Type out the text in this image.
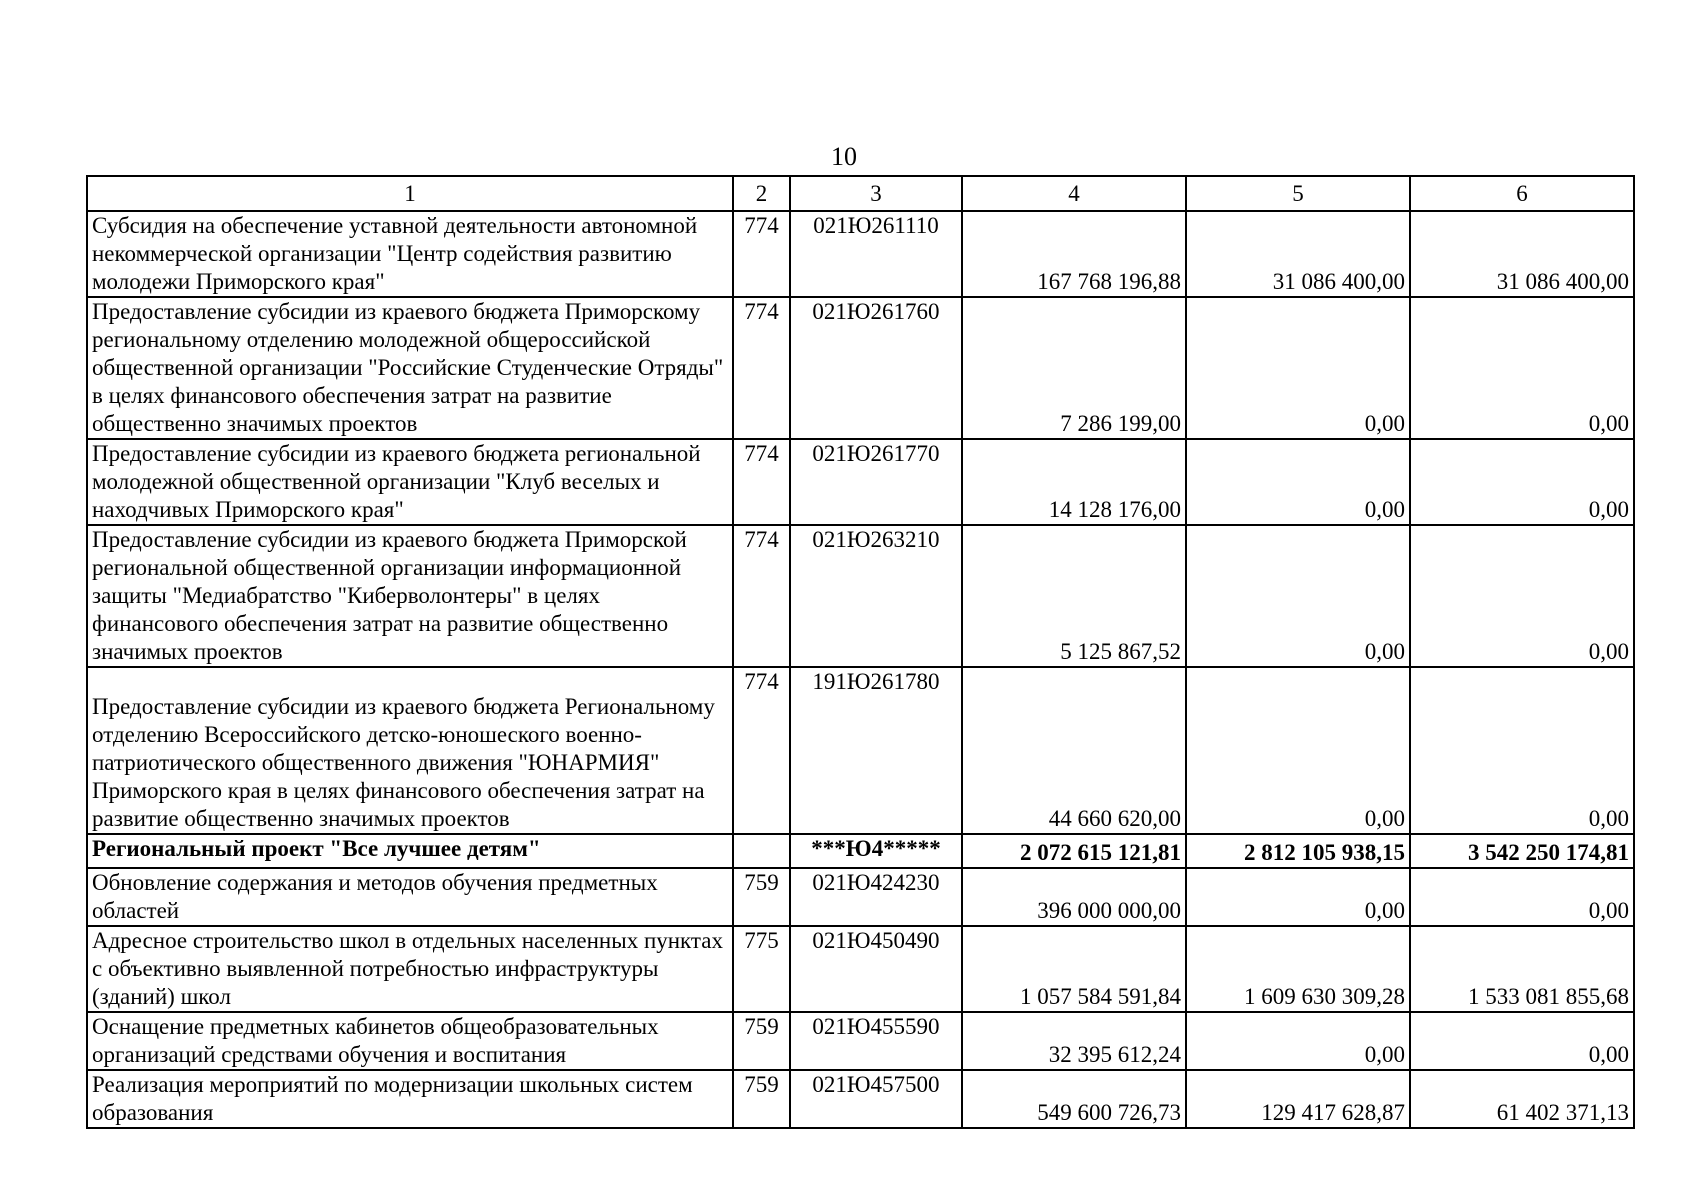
10
1	2	3	4	5	6
Субсидия на обеспечение уставной деятельности автономной некоммерческой организации "Центр содействия развитию молодежи Приморского края"	774	021Ю261110	167 768 196,88	31 086 400,00	31 086 400,00
Предоставление субсидии из краевого бюджета Приморскому региональному отделению молодежной общероссийской общественной организации "Российские Студенческие Отряды" в целях финансового обеспечения затрат на развитие общественно значимых проектов	774	021Ю261760	7 286 199,00	0,00	0,00
Предоставление субсидии из краевого бюджета региональной молодежной общественной организации "Клуб веселых и находчивых Приморского края"	774	021Ю261770	14 128 176,00	0,00	0,00
Предоставление субсидии из краевого бюджета Приморской региональной общественной организации информационной защиты "Медиабратство "Киберволонтеры" в целях финансового обеспечения затрат на развитие общественно значимых проектов	774	021Ю263210	5 125 867,52	0,00	0,00
Предоставление субсидии из краевого бюджета Региональному отделению Всероссийского детско-юношеского военно-патриотического общественного движения "ЮНАРМИЯ" Приморского края в целях финансового обеспечения затрат на развитие общественно значимых проектов	774	191Ю261780	44 660 620,00	0,00	0,00
Региональный проект "Все лучшее детям"		***Ю4*****	2 072 615 121,81	2 812 105 938,15	3 542 250 174,81
Обновление содержания и методов обучения предметных областей	759	021Ю424230	396 000 000,00	0,00	0,00
Адресное строительство школ в отдельных населенных пунктах с объективно выявленной потребностью инфраструктуры (зданий) школ	775	021Ю450490	1 057 584 591,84	1 609 630 309,28	1 533 081 855,68
Оснащение предметных кабинетов общеобразовательных организаций средствами обучения и воспитания	759	021Ю455590	32 395 612,24	0,00	0,00
Реализация мероприятий по модернизации школьных систем образования	759	021Ю457500	549 600 726,73	129 417 628,87	61 402 371,13
